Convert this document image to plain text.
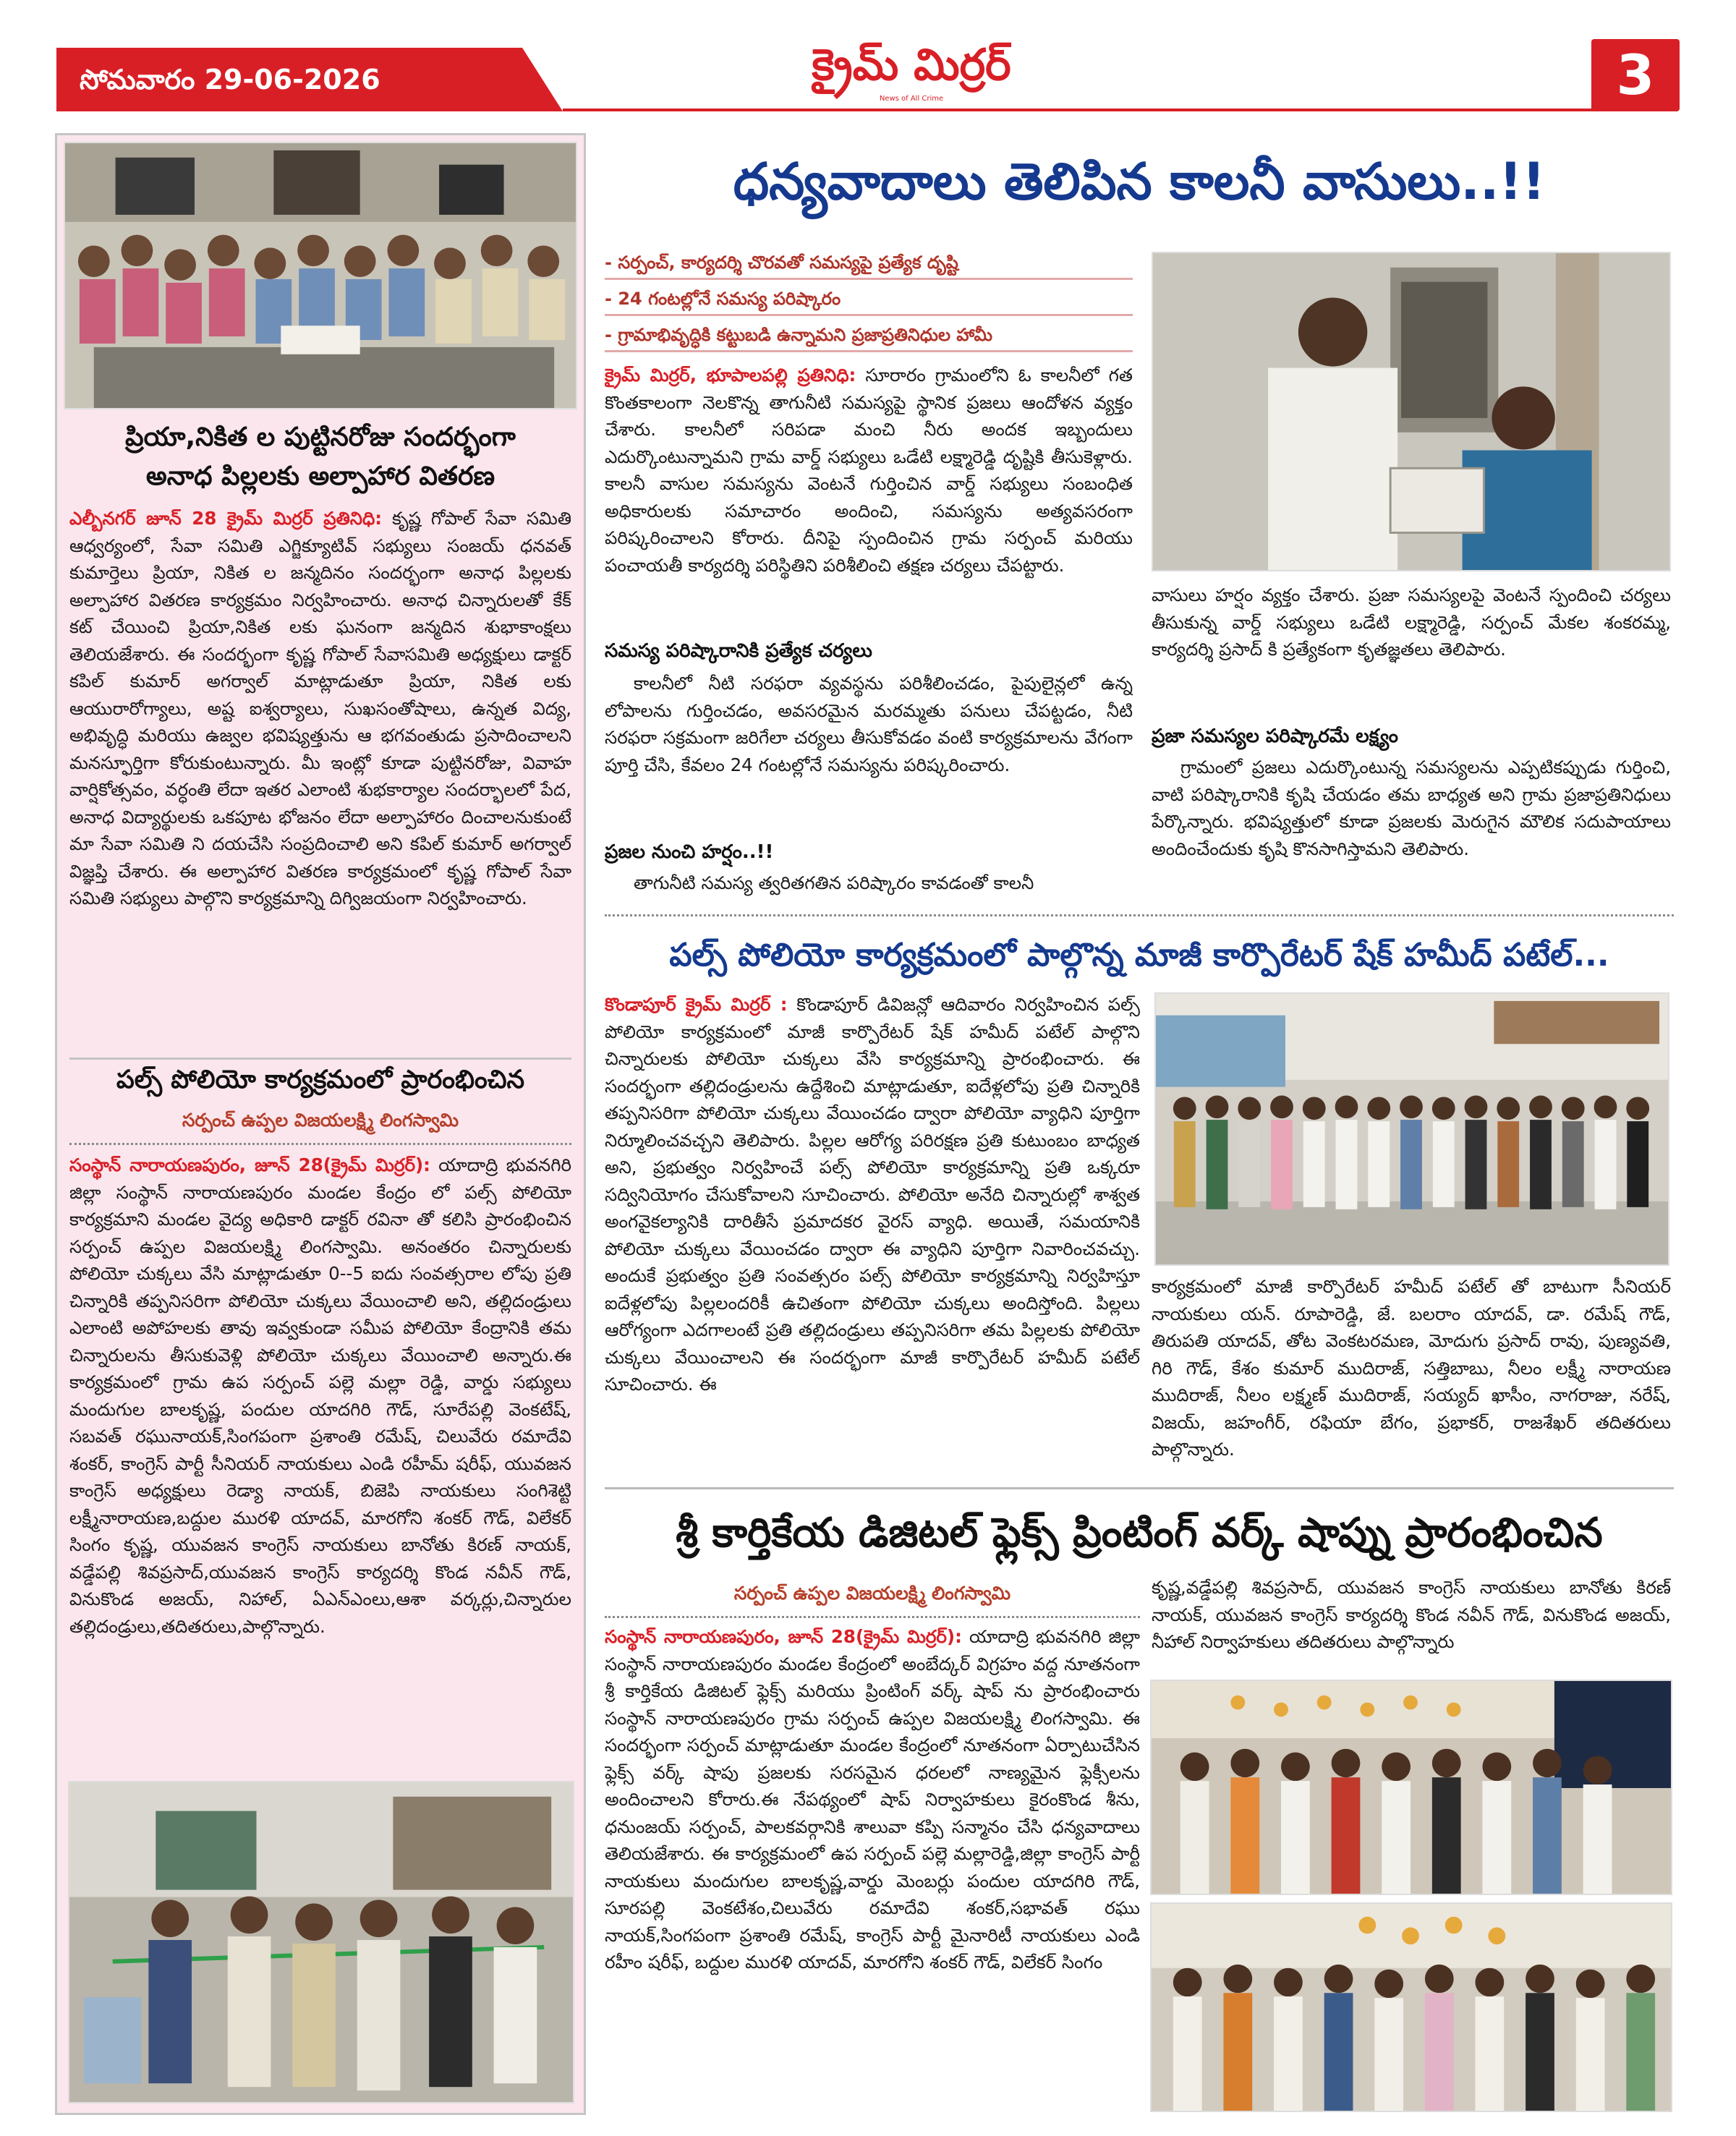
సోమవారం 29-06-2026	క్రైమ్ మిర్రర్
News of All Crime	3
ప్రియా,నికిత ల పుట్టినరోజు సందర్భంగా
అనాధ పిల్లలకు అల్పాహార వితరణ
ఎల్బీనగర్ జూన్ 28 క్రైమ్ మిర్రర్ ప్రతినిధి: కృష్ణ గోపాల్ సేవా సమితి ఆధ్వర్యంలో, సేవా సమితి ఎగ్జిక్యూటివ్ సభ్యులు సంజయ్ ధనవత్ కుమార్తెలు ప్రియా, నికిత ల జన్మదినం సందర్భంగా అనాధ పిల్లలకు అల్పాహార వితరణ కార్యక్రమం నిర్వహించారు. అనాధ చిన్నారులతో కేక్ కట్ చేయించి ప్రియా,నికిత లకు ఘనంగా జన్మదిన శుభాకాంక్షలు తెలియజేశారు. ఈ సందర్భంగా కృష్ణ గోపాల్ సేవాసమితి అధ్యక్షులు డాక్టర్ కపిల్ కుమార్ అగర్వాల్ మాట్లాడుతూ ప్రియా, నికిత లకు ఆయురారోగ్యాలు, అష్ట ఐశ్వర్యాలు, సుఖసంతోషాలు, ఉన్నత విద్య, అభివృద్ధి మరియు ఉజ్వల భవిష్యత్తును ఆ భగవంతుడు ప్రసాదించాలని మనస్ఫూర్తిగా కోరుకుంటున్నారు. మీ ఇంట్లో కూడా పుట్టినరోజు, వివాహ వార్షికోత్సవం, వర్ధంతి లేదా ఇతర ఎలాంటి శుభకార్యాల సందర్భాలలో పేద, అనాధ విద్యార్థులకు ఒకపూట భోజనం లేదా అల్పాహారం దించాలనుకుంటే మా సేవా సమితి ని దయచేసి సంప్రదించాలి అని కపిల్ కుమార్ అగర్వాల్ విజ్ఞప్తి చేశారు. ఈ అల్పాహార వితరణ కార్యక్రమంలో కృష్ణ గోపాల్ సేవా సమితి సభ్యులు పాల్గొని కార్యక్రమాన్ని దిగ్విజయంగా నిర్వహించారు.
పల్స్ పోలియో కార్యక్రమంలో ప్రారంభించిన
సర్పంచ్ ఉప్పల విజయలక్ష్మి లింగస్వామి
సంస్థాన్ నారాయణపురం, జూన్ 28(క్రైమ్ మిర్రర్): యాదాద్రి భువనగిరి జిల్లా సంస్థాన్ నారాయణపురం మండల కేంద్రం లో పల్స్ పోలియో కార్యక్రమాని మండల వైద్య అధికారి డాక్టర్ రవినా తో కలిసి ప్రారంభించిన సర్పంచ్ ఉప్పల విజయలక్ష్మి లింగస్వామి. అనంతరం చిన్నారులకు పోలియో చుక్కలు వేసి మాట్లాడుతూ 0--5 ఐదు సంవత్సరాల లోపు ప్రతి చిన్నారికి తప్పనిసరిగా పోలియో చుక్కలు వేయించాలి అని, తల్లిదండ్రులు ఎలాంటి అపోహలకు తావు ఇవ్వకుండా సమీప పోలియో కేంద్రానికి తమ చిన్నారులను తీసుకువెళ్లి పోలియో చుక్కలు వేయించాలి అన్నారు.ఈ కార్యక్రమంలో గ్రామ ఉప సర్పంచ్ పల్లె మల్లా రెడ్డి, వార్డు సభ్యులు మందుగుల బాలకృష్ణ, పందుల యాదగిరి గౌడ్, సూరేపల్లి వెంకటేష్, సబవత్ రఘునాయక్,సింగపంగా ప్రశాంతి రమేష్, చిలువేరు రమాదేవి శంకర్, కాంగ్రెస్ పార్టీ సీనియర్ నాయకులు ఎండి రహీమ్ షరీఫ్, యువజన కాంగ్రెస్ అధ్యక్షులు రెడ్యా నాయక్, బిజెపి నాయకులు సంగిశెట్టి లక్ష్మీనారాయణ,బద్దుల మురళి యాదవ్, మారగోని శంకర్ గౌడ్, విలేకర్ సింగం కృష్ణ, యువజన కాంగ్రెస్ నాయకులు బానోతు కిరణ్ నాయక్, వడ్డేపల్లి శివప్రసాద్,యువజన కాంగ్రెస్ కార్యదర్శి కొండ నవీన్ గౌడ్, వినుకొండ అజయ్, నిహాల్, ఏఎన్ఎంలు,ఆశా వర్కర్లు,చిన్నారుల తల్లిదండ్రులు,తదితరులు,పాల్గొన్నారు.
ధన్యవాదాలు తెలిపిన కాలనీ వాసులు..!!
- సర్పంచ్, కార్యదర్శి చొరవతో సమస్యపై ప్రత్యేక దృష్టి
- 24 గంటల్లోనే సమస్య పరిష్కారం
- గ్రామాభివృద్ధికి కట్టుబడి ఉన్నామని ప్రజాప్రతినిధుల హామీ
క్రైమ్ మిర్రర్, భూపాలపల్లి ప్రతినిధి: సూరారం గ్రామంలోని ఓ కాలనీలో గత కొంతకాలంగా నెలకొన్న తాగునీటి సమస్యపై స్థానిక ప్రజలు ఆందోళన వ్యక్తం చేశారు. కాలనీలో సరిపడా మంచి నీరు అందక ఇబ్బందులు ఎదుర్కొంటున్నామని గ్రామ వార్డ్ సభ్యులు ఒడేటి లక్ష్మారెడ్డి దృష్టికి తీసుకెళ్లారు. కాలనీ వాసుల సమస్యను వెంటనే గుర్తించిన వార్డ్ సభ్యులు సంబంధిత అధికారులకు సమాచారం అందించి, సమస్యను అత్యవసరంగా పరిష్కరించాలని కోరారు. దీనిపై స్పందించిన గ్రామ సర్పంచ్ మరియు పంచాయతీ కార్యదర్శి పరిస్థితిని పరిశీలించి తక్షణ చర్యలు చేపట్టారు.
సమస్య పరిష్కారానికి ప్రత్యేక చర్యలు
కాలనీలో నీటి సరఫరా వ్యవస్థను పరిశీలించడం, పైపులైన్లలో ఉన్న లోపాలను గుర్తించడం, అవసరమైన మరమ్మతు పనులు చేపట్టడం, నీటి సరఫరా సక్రమంగా జరిగేలా చర్యలు తీసుకోవడం వంటి కార్యక్రమాలను వేగంగా పూర్తి చేసి, కేవలం 24 గంటల్లోనే సమస్యను పరిష్కరించారు.
ప్రజల నుంచి హర్షం..!!
తాగునీటి సమస్య త్వరితగతిన పరిష్కారం కావడంతో కాలనీ
వాసులు హర్షం వ్యక్తం చేశారు. ప్రజా సమస్యలపై వెంటనే స్పందించి చర్యలు తీసుకున్న వార్డ్ సభ్యులు ఒడేటి లక్ష్మారెడ్డి, సర్పంచ్ మేకల శంకరమ్మ, కార్యదర్శి ప్రసాద్ కి ప్రత్యేకంగా కృతజ్ఞతలు తెలిపారు.
ప్రజా సమస్యల పరిష్కారమే లక్ష్యం
గ్రామంలో ప్రజలు ఎదుర్కొంటున్న సమస్యలను ఎప్పటికప్పుడు గుర్తించి, వాటి పరిష్కారానికి కృషి చేయడం తమ బాధ్యత అని గ్రామ ప్రజాప్రతినిధులు పేర్కొన్నారు. భవిష్యత్తులో కూడా ప్రజలకు మెరుగైన మౌలిక సదుపాయాలు అందించేందుకు కృషి కొనసాగిస్తామని తెలిపారు.
పల్స్ పోలియో కార్యక్రమంలో పాల్గొన్న మాజీ కార్పొరేటర్ షేక్ హమీద్ పటేల్...
కొండాపూర్ క్రైమ్ మిర్రర్ : కొండాపూర్ డివిజన్లో ఆదివారం నిర్వహించిన పల్స్ పోలియో కార్యక్రమంలో మాజీ కార్పొరేటర్ షేక్ హమీద్ పటేల్ పాల్గొని చిన్నారులకు పోలియో చుక్కలు వేసి కార్యక్రమాన్ని ప్రారంభించారు. ఈ సందర్భంగా తల్లిదండ్రులను ఉద్దేశించి మాట్లాడుతూ, ఐదేళ్లలోపు ప్రతి చిన్నారికి తప్పనిసరిగా పోలియో చుక్కలు వేయించడం ద్వారా పోలియో వ్యాధిని పూర్తిగా నిర్మూలించవచ్చని తెలిపారు. పిల్లల ఆరోగ్య పరిరక్షణ ప్రతి కుటుంబం బాధ్యత అని, ప్రభుత్వం నిర్వహించే పల్స్ పోలియో కార్యక్రమాన్ని ప్రతి ఒక్కరూ సద్వినియోగం చేసుకోవాలని సూచించారు. పోలియో అనేది చిన్నారుల్లో శాశ్వత అంగవైకల్యానికి దారితీసే ప్రమాదకర వైరస్ వ్యాధి. అయితే, సమయానికి పోలియో చుక్కలు వేయించడం ద్వారా ఈ వ్యాధిని పూర్తిగా నివారించవచ్చు. అందుకే ప్రభుత్వం ప్రతి సంవత్సరం పల్స్ పోలియో కార్యక్రమాన్ని నిర్వహిస్తూ ఐదేళ్లలోపు పిల్లలందరికీ ఉచితంగా పోలియో చుక్కలు అందిస్తోంది. పిల్లలు ఆరోగ్యంగా ఎదగాలంటే ప్రతి తల్లిదండ్రులు తప్పనిసరిగా తమ పిల్లలకు పోలియో చుక్కలు వేయించాలని ఈ సందర్భంగా మాజీ కార్పొరేటర్ హమీద్ పటేల్ సూచించారు. ఈ
కార్యక్రమంలో మాజీ కార్పొరేటర్ హమీద్ పటేల్ తో బాటుగా సీనియర్ నాయకులు యన్. రూపారెడ్డి, జే. బలరాం యాదవ్, డా. రమేష్ గౌడ్, తిరుపతి యాదవ్, తోట వెంకటరమణ, మోదుగు ప్రసాద్ రావు, పుణ్యవతి, గిరి గౌడ్, కేశం కుమార్ ముదిరాజ్, సత్తిబాబు, నీలం లక్ష్మీ నారాయణ ముదిరాజ్, నీలం లక్ష్మణ్ ముదిరాజ్, సయ్యద్ ఖాసీం, నాగరాజు, నరేష్, విజయ్, జహంగీర్, రఫియా బేగం, ప్రభాకర్, రాజశేఖర్ తదితరులు పాల్గొన్నారు.
శ్రీ కార్తికేయ డిజిటల్ ఫ్లెక్స్ ప్రింటింగ్ వర్క్ షాప్ను ప్రారంభించిన
సర్పంచ్ ఉప్పల విజయలక్ష్మి లింగస్వామి
సంస్థాన్ నారాయణపురం, జూన్ 28(క్రైమ్ మిర్రర్): యాదాద్రి భువనగిరి జిల్లా సంస్థాన్ నారాయణపురం మండల కేంద్రంలో అంబేద్కర్ విగ్రహం వద్ద నూతనంగా శ్రీ కార్తికేయ డిజిటల్ ఫ్లెక్స్ మరియు ప్రింటింగ్ వర్క్ షాప్ ను ప్రారంభించారు సంస్థాన్ నారాయణపురం గ్రామ సర్పంచ్ ఉప్పల విజయలక్ష్మి లింగస్వామి. ఈ సందర్భంగా సర్పంచ్ మాట్లాడుతూ మండల కేంద్రంలో నూతనంగా ఏర్పాటుచేసిన ఫ్లెక్స్ వర్క్ షాపు ప్రజలకు సరసమైన ధరలలో నాణ్యమైన ఫ్లెక్సీలను అందించాలని కోరారు.ఈ నేపథ్యంలో షాప్ నిర్వాహకులు కైరంకొండ శీను, ధనుంజయ్ సర్పంచ్, పాలకవర్గానికి శాలువా కప్పి సన్మానం చేసి ధన్యవాదాలు తెలియజేశారు. ఈ కార్యక్రమంలో ఉప సర్పంచ్ పల్లె మల్లారెడ్డి,జిల్లా కాంగ్రెస్ పార్టీ నాయకులు మందుగుల బాలకృష్ణ,వార్డు మెంబర్లు పందుల యాదగిరి గౌడ్, సూరపల్లి వెంకటేశం,చిలువేరు రమాదేవి శంకర్,సభావత్ రఘు నాయక్,సింగపంగా ప్రశాంతి రమేష్, కాంగ్రెస్ పార్టీ మైనారిటీ నాయకులు ఎండి రహీం షరీఫ్, బద్దుల మురళి యాదవ్, మారగోని శంకర్ గౌడ్, విలేకర్ సింగం
కృష్ణ,వడ్డేపల్లి శివప్రసాద్, యువజన కాంగ్రెస్ నాయకులు బానోతు కిరణ్ నాయక్, యువజన కాంగ్రెస్ కార్యదర్శి కొండ నవీన్ గౌడ్, వినుకొండ అజయ్, నీహాల్ నిర్వాహకులు తదితరులు పాల్గొన్నారు
